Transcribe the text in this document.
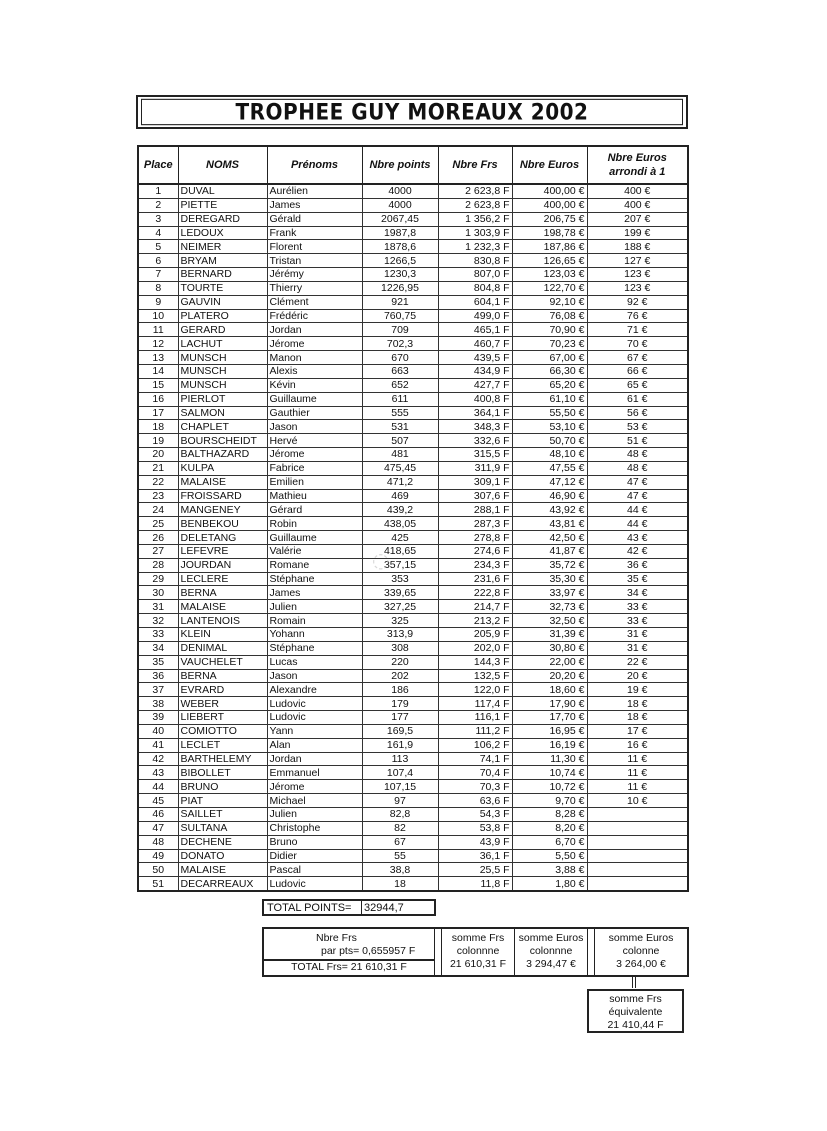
TROPHEE GUY MOREAUX 2002
Place	NOMS	Prénoms	Nbre points	Nbre Frs	Nbre Euros	Nbre Euros
arrondi à 1
1	DUVAL	Aurélien	4000	2 623,8 F	400,00 €	400 €
2	PIETTE	James	4000	2 623,8 F	400,00 €	400 €
3	DEREGARD	Gérald	2067,45	1 356,2 F	206,75 €	207 €
4	LEDOUX	Frank	1987,8	1 303,9 F	198,78 €	199 €
5	NEIMER	Florent	1878,6	1 232,3 F	187,86 €	188 €
6	BRYAM	Tristan	1266,5	830,8 F	126,65 €	127 €
7	BERNARD	Jérémy	1230,3	807,0 F	123,03 €	123 €
8	TOURTE	Thierry	1226,95	804,8 F	122,70 €	123 €
9	GAUVIN	Clément	921	604,1 F	92,10 €	92 €
10	PLATERO	Frédéric	760,75	499,0 F	76,08 €	76 €
11	GERARD	Jordan	709	465,1 F	70,90 €	71 €
12	LACHUT	Jérome	702,3	460,7 F	70,23 €	70 €
13	MUNSCH	Manon	670	439,5 F	67,00 €	67 €
14	MUNSCH	Alexis	663	434,9 F	66,30 €	66 €
15	MUNSCH	Kévin	652	427,7 F	65,20 €	65 €
16	PIERLOT	Guillaume	611	400,8 F	61,10 €	61 €
17	SALMON	Gauthier	555	364,1 F	55,50 €	56 €
18	CHAPLET	Jason	531	348,3 F	53,10 €	53 €
19	BOURSCHEIDT	Hervé	507	332,6 F	50,70 €	51 €
20	BALTHAZARD	Jérome	481	315,5 F	48,10 €	48 €
21	KULPA	Fabrice	475,45	311,9 F	47,55 €	48 €
22	MALAISE	Emilien	471,2	309,1 F	47,12 €	47 €
23	FROISSARD	Mathieu	469	307,6 F	46,90 €	47 €
24	MANGENEY	Gérard	439,2	288,1 F	43,92 €	44 €
25	BENBEKOU	Robin	438,05	287,3 F	43,81 €	44 €
26	DELETANG	Guillaume	425	278,8 F	42,50 €	43 €
27	LEFEVRE	Valérie	418,65	274,6 F	41,87 €	42 €
28	JOURDAN	Romane	357,15	234,3 F	35,72 €	36 €
29	LECLERE	Stéphane	353	231,6 F	35,30 €	35 €
30	BERNA	James	339,65	222,8 F	33,97 €	34 €
31	MALAISE	Julien	327,25	214,7 F	32,73 €	33 €
32	LANTENOIS	Romain	325	213,2 F	32,50 €	33 €
33	KLEIN	Yohann	313,9	205,9 F	31,39 €	31 €
34	DENIMAL	Stéphane	308	202,0 F	30,80 €	31 €
35	VAUCHELET	Lucas	220	144,3 F	22,00 €	22 €
36	BERNA	Jason	202	132,5 F	20,20 €	20 €
37	EVRARD	Alexandre	186	122,0 F	18,60 €	19 €
38	WEBER	Ludovic	179	117,4 F	17,90 €	18 €
39	LIEBERT	Ludovic	177	116,1 F	17,70 €	18 €
40	COMIOTTO	Yann	169,5	111,2 F	16,95 €	17 €
41	LECLET	Alan	161,9	106,2 F	16,19 €	16 €
42	BARTHELEMY	Jordan	113	74,1 F	11,30 €	11 €
43	BIBOLLET	Emmanuel	107,4	70,4 F	10,74 €	11 €
44	BRUNO	Jérome	107,15	70,3 F	10,72 €	11 €
45	PIAT	Michael	97	63,6 F	9,70 €	10 €
46	SAILLET	Julien	82,8	54,3 F	8,28 €	
47	SULTANA	Christophe	82	53,8 F	8,20 €	
48	DECHENE	Bruno	67	43,9 F	6,70 €	
49	DONATO	Didier	55	36,1 F	5,50 €	
50	MALAISE	Pascal	38,8	25,5 F	3,88 €	
51	DECARREAUX	Ludovic	18	11,8 F	1,80 €	
◌
TOTAL POINTS=	32944,7
Nbre Frs
par pts= 0,655957 F
TOTAL Frs= 21 610,31 F

somme Frs
colonnne
21 610,31 F

somme Euros
colonnne
3 294,47 €

somme Euros
colonne
3 264,00 €
somme Frs
équivalente
21 410,44 F
